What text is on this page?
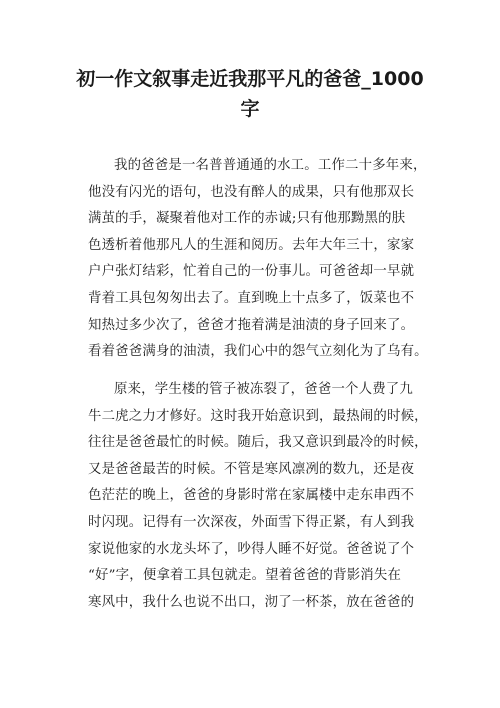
初一作文叙事走近我那平凡的爸爸_1000
字
我的爸爸是一名普普通通的水工。工作二十多年来，
他没有闪光的语句，也没有醉人的成果，只有他那双长
满茧的手，凝聚着他对工作的赤诚;只有他那黝黑的肤
色透析着他那凡人的生涯和阅历。去年大年三十，家家
户户张灯结彩，忙着自己的一份事儿。可爸爸却一早就
背着工具包匆匆出去了。直到晚上十点多了，饭菜也不
知热过多少次了，爸爸才拖着满是油渍的身子回来了。
看着爸爸满身的油渍，我们心中的怨气立刻化为了乌有。
原来，学生楼的管子被冻裂了，爸爸一个人费了九
牛二虎之力才修好。这时我开始意识到，最热闹的时候，
往往是爸爸最忙的时候。随后，我又意识到最冷的时候，
又是爸爸最苦的时候。不管是寒风凛冽的数九，还是夜
色茫茫的晚上，爸爸的身影时常在家属楼中走东串西不
时闪现。记得有一次深夜，外面雪下得正紧，有人到我
家说他家的水龙头坏了，吵得人睡不好觉。爸爸说了个
“好”字，便拿着工具包就走。望着爸爸的背影消失在
寒风中，我什么也说不出口，沏了一杯茶，放在爸爸的
